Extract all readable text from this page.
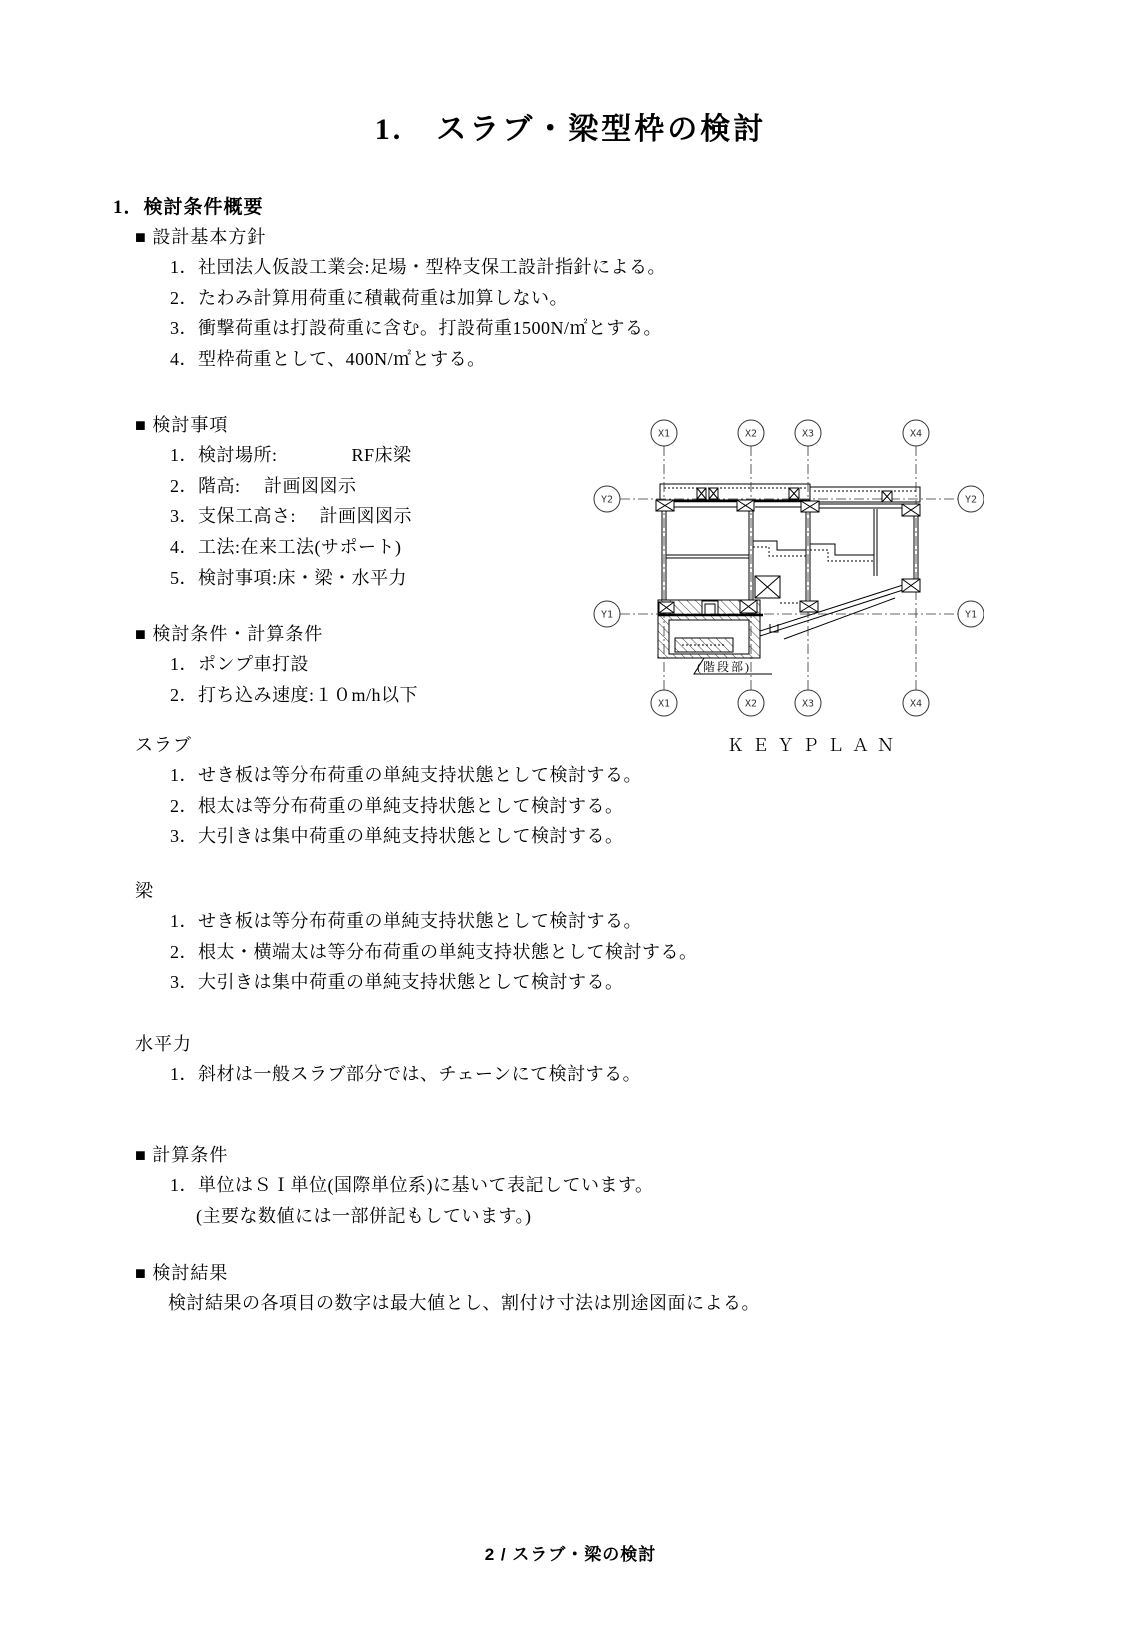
1.　スラブ・梁型枠の検討
1．検討条件概要
■ 設計基本方針
1．社団法人仮設工業会:足場・型枠支保工設計指針による。
2．たわみ計算用荷重に積載荷重は加算しない。
3．衝撃荷重は打設荷重に含む。打設荷重1500N/㎡とする。
4．型枠荷重として、400N/㎡とする。
■ 検討事項
1．検討場所:　　　　RF床梁
2．階高:　 計画図図示
3．支保工高さ:　 計画図図示
4．工法:在来工法(サポート)
5．検討事項:床・梁・水平力
■ 検討条件・計算条件
1．ポンプ車打設
2．打ち込み速度:１０m/h以下
スラブ
1．せき板は等分布荷重の単純支持状態として検討する。
2．根太は等分布荷重の単純支持状態として検討する。
3．大引きは集中荷重の単純支持状態として検討する。
梁
1．せき板は等分布荷重の単純支持状態として検討する。
2．根太・横端太は等分布荷重の単純支持状態として検討する。
3．大引きは集中荷重の単純支持状態として検討する。
水平力
1．斜材は一般スラブ部分では、チェーンにて検討する。
■ 計算条件
1．単位はＳＩ単位(国際単位系)に基いて表記しています。
(主要な数値には一部併記もしています。)
■ 検討結果
検討結果の各項目の数字は最大値とし、割付け寸法は別途図面による。
ＫＥＹＰＬＡＮ
(階段部)
X1	X2	X3	X4
X1	X2	X3	X4
Y2	Y2
Y1	Y1
2 / スラブ・梁の検討
